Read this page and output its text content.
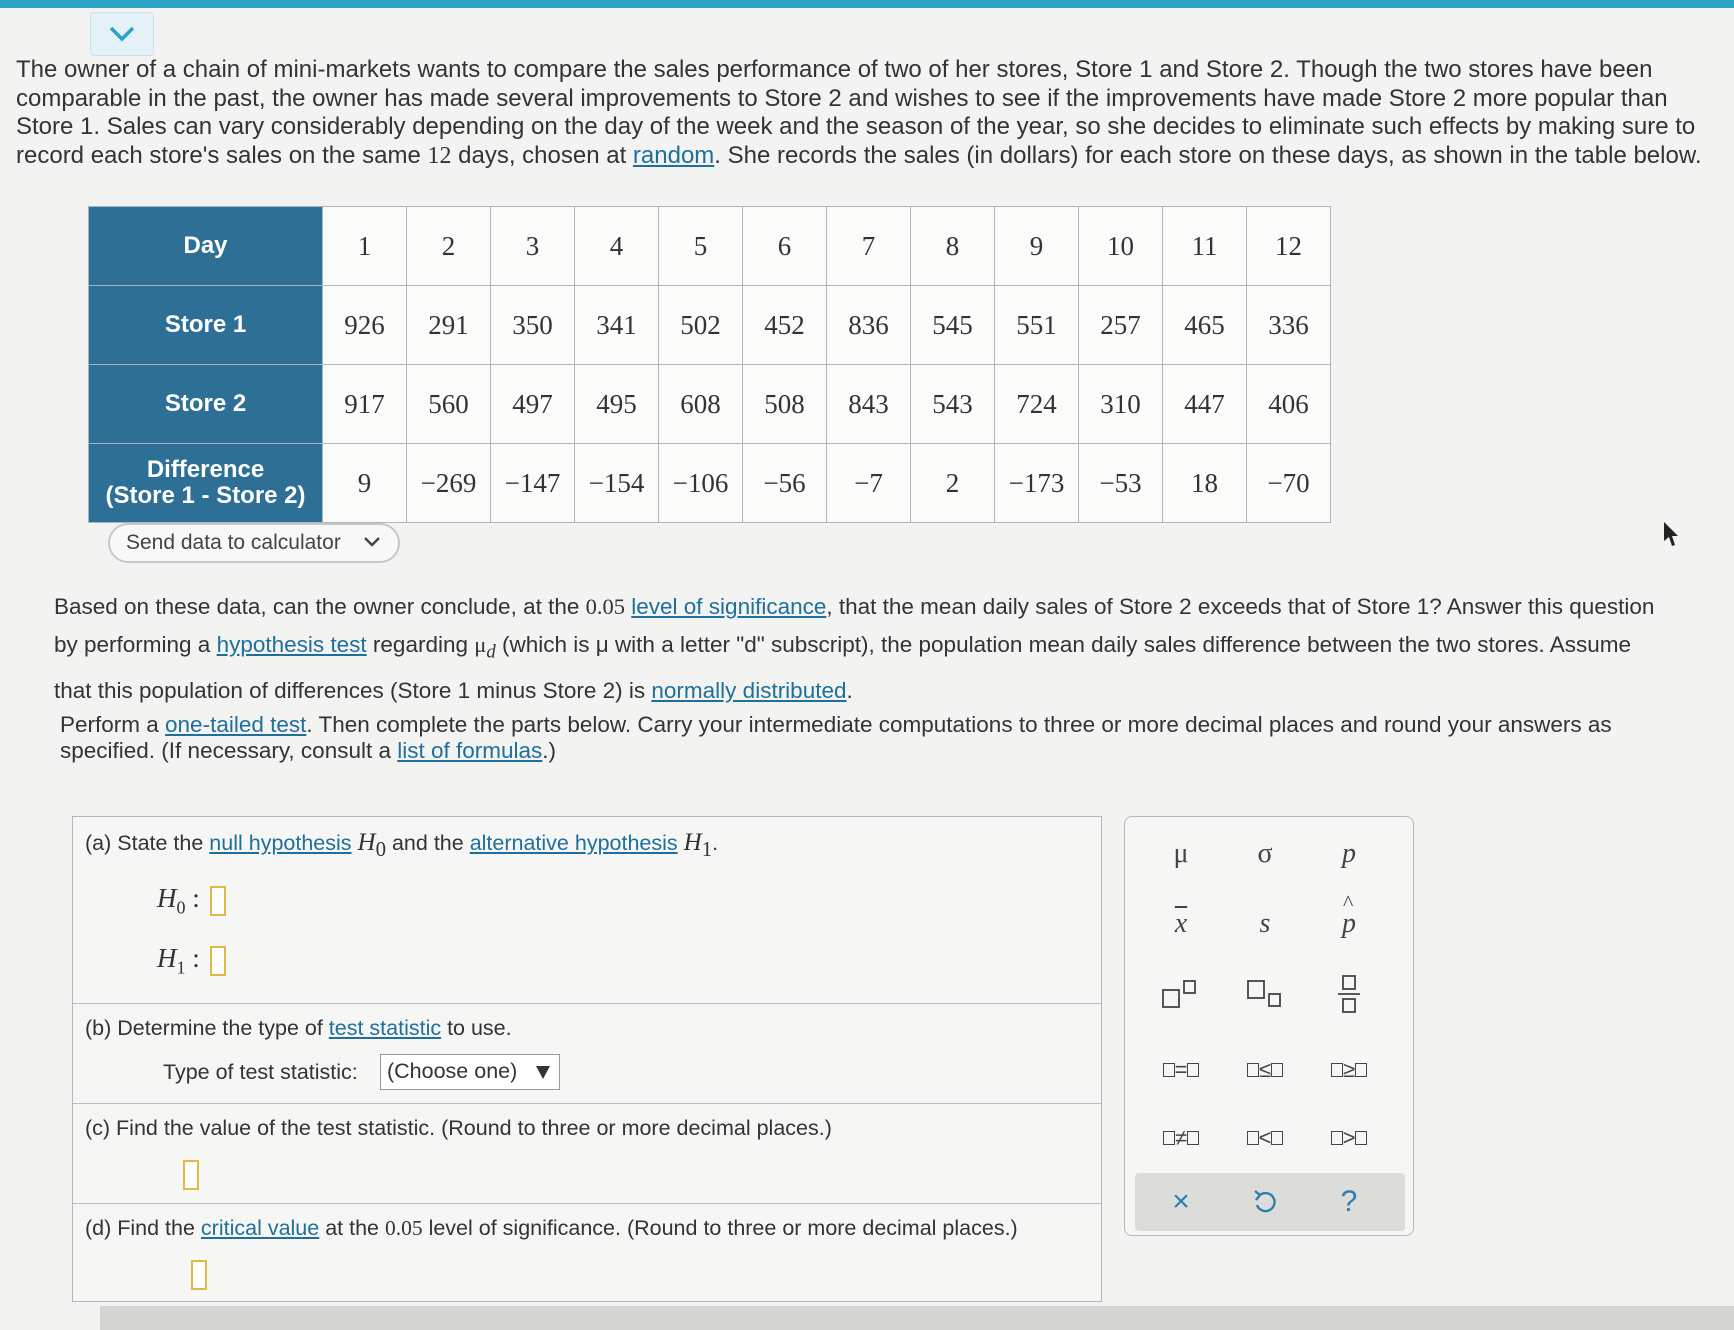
The owner of a chain of mini-markets wants to compare the sales performance of two of her stores, Store 1 and Store 2. Though the two stores have been comparable in the past, the owner has made several improvements to Store 2 and wishes to see if the improvements have made Store 2 more popular than Store 1. Sales can vary considerably depending on the day of the week and the season of the year, so she decides to eliminate such effects by making sure to record each store's sales on the same 12 days, chosen at random. She records the sales (in dollars) for each store on these days, as shown in the table below.

Day	1	2	3	4	5	6	7	8	9	10	11	12
Store 1	926	291	350	341	502	452	836	545	551	257	465	336
Store 2	917	560	497	495	608	508	843	543	724	310	447	406
Difference
(Store 1 - Store 2)	9	−269	−147	−154	−106	−56	−7	2	−173	−53	18	−70
Send data to calculator

Based on these data, can the owner conclude, at the 0.05 level of significance, that the mean daily sales of Store 2 exceeds that of Store 1? Answer this question by performing a hypothesis test regarding $\mu_d$ (which is μ with a letter "d" subscript), the population mean daily sales difference between the two stores. Assume that this population of differences (Store 1 minus Store 2) is normally distributed.

Perform a one-tailed test. Then complete the parts below. Carry your intermediate computations to three or more decimal places and round your answers as specified. (If necessary, consult a list of formulas.)

(a) State the null hypothesis $H_0$ and the alternative hypothesis $H_1$.
$H_0$ :
$H_1$ :
(b) Determine the type of test statistic to use.
Type of test statistic:	(Choose one)
(c) Find the value of the test statistic. (Round to three or more decimal places.)
(d) Find the critical value at the 0.05 level of significance. (Round to three or more decimal places.)
μ σ p
$\overline{x}$	s
^
p
=	≤	≥
≠	<	>
×	?
